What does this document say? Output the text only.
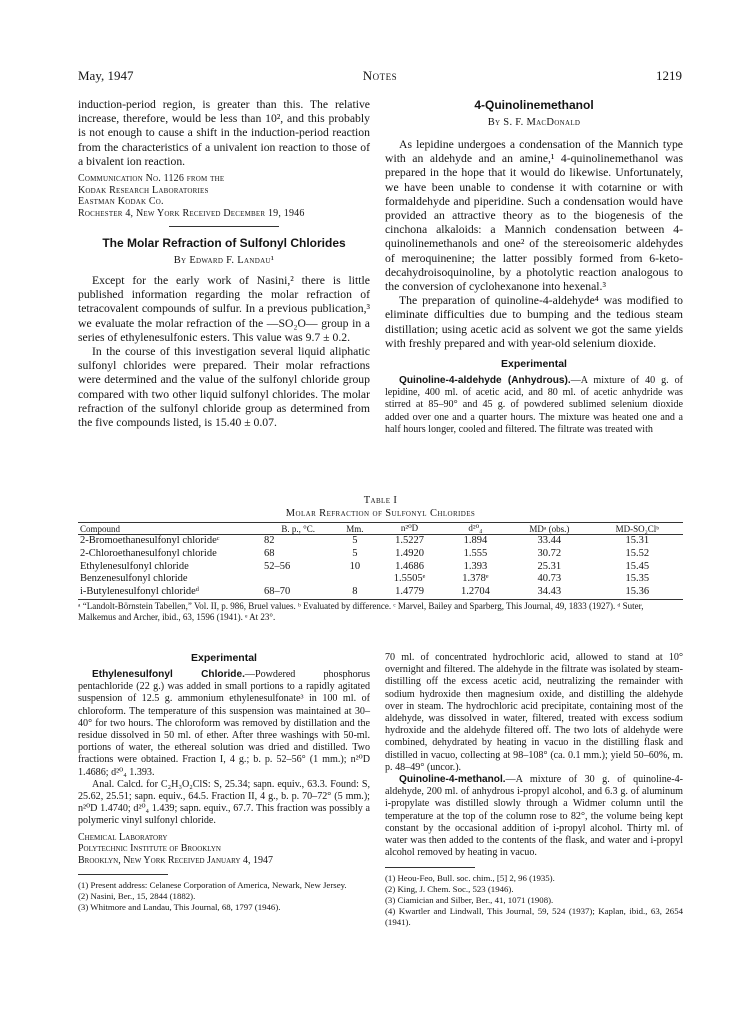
May, 1947	Notes	1219

induction-period region, is greater than this. The relative increase, therefore, would be less than 10², and this probably is not enough to cause a shift in the induction-period reaction from the characteristics of a univalent ion reaction to those of a bivalent ion reaction.

Communication No. 1126 from the
Kodak Research Laboratories
Eastman Kodak Co.
Rochester 4, New York Received December 19, 1946

The Molar Refraction of Sulfonyl Chlorides

By Edward F. Landau¹

Except for the early work of Nasini,² there is little published information regarding the molar refraction of tetracovalent compounds of sulfur. In a previous publication,³ we evaluate the molar refraction of the —SO₂O— group in a series of ethylenesulfonic esters. This value was 9.7 ± 0.2.

In the course of this investigation several liquid aliphatic sulfonyl chlorides were prepared. Their molar refractions were determined and the value of the sulfonyl chloride group compared with two other liquid sulfonyl chlorides. The molar refraction of the sulfonyl chloride group as determined from the five compounds listed, is 15.40 ± 0.07.

4-Quinolinemethanol

By S. F. MacDonald

As lepidine undergoes a condensation of the Mannich type with an aldehyde and an amine,¹ 4-quinolinemethanol was prepared in the hope that it would do likewise. Unfortunately, we have been unable to condense it with cotarnine or with formaldehyde and piperidine. Such a condensation would have provided an attractive theory as to the biogenesis of the cinchona alkaloids: a Mannich condensation between 4-quinolinemethanols and one² of the stereoisomeric aldehydes of meroquinenine; the latter possibly formed from 6-keto-decahydroisoquinoline, by a photolytic reaction analogous to the conversion of cyclohexanone into hexenal.³

The preparation of quinoline-4-aldehyde⁴ was modified to eliminate difficulties due to bumping and the tedious steam distillation; using acetic acid as solvent we got the same yields with freshly prepared and with year-old selenium dioxide.

Experimental

Quinoline-4-aldehyde (Anhydrous).—A mixture of 40 g. of lepidine, 400 ml. of acetic acid, and 80 ml. of acetic anhydride was stirred at 85–90° and 45 g. of powdered sublimed selenium dioxide added over one and a quarter hours. The mixture was heated one and a half hours longer, cooled and filtered. The filtrate was treated with

Table I
Molar Refraction of Sulfonyl Chlorides
Compound	B. p., °C.	Mm.	n²⁰D	d²⁰₄	MDᵃ (obs.)	MD-SO₂Clᵇ
2-Bromoethanesulfonyl chlorideᶜ	82	5	1.5227	1.894	33.44	15.31
2-Chloroethanesulfonyl chloride	68	5	1.4920	1.555	30.72	15.52
Ethylenesulfonyl chloride	52–56	10	1.4686	1.393	25.31	15.45
Benzenesulfonyl chloride			1.5505ᵉ	1.378ᵉ	40.73	15.35
i-Butylenesulfonyl chlorideᵈ	68–70	8	1.4779	1.2704	34.43	15.36

ᵃ “Landolt-Börnstein Tabellen,” Vol. II, p. 986, Bruel values. ᵇ Evaluated by difference. ᶜ Marvel, Bailey and Sparberg, This Journal, 49, 1833 (1927). ᵈ Suter, Malkemus and Archer, ibid., 63, 1596 (1941). ᵉ At 23°.

Experimental

Ethylenesulfonyl Chloride.—Powdered phosphorus pentachloride (22 g.) was added in small portions to a rapidly agitated suspension of 12.5 g. ammonium ethylenesulfonate³ in 100 ml. of chloroform. The temperature of this suspension was maintained at 30–40° for two hours. The chloroform was removed by distillation and the residue dissolved in 50 ml. of ether. After three washings with 50-ml. portions of water, the ethereal solution was dried and distilled. Two fractions were obtained. Fraction I, 4 g.; b. p. 52–56° (1 mm.); n²⁰D 1.4686; d²⁰₄ 1.393.

Anal. Calcd. for C₂H₃O₂ClS: S, 25.34; sapn. equiv., 63.3. Found: S, 25.62, 25.51; sapn. equiv., 64.5. Fraction II, 4 g., b. p. 70–72° (5 mm.); n²⁰D 1.4740; d²⁰₄ 1.439; sapn. equiv., 67.7. This fraction was possibly a polymeric vinyl sulfonyl chloride.

Chemical Laboratory
Polytechnic Institute of Brooklyn
Brooklyn, New York Received January 4, 1947

(1) Present address: Celanese Corporation of America, Newark, New Jersey.

(2) Nasini, Ber., 15, 2844 (1882).

(3) Whitmore and Landau, This Journal, 68, 1797 (1946).

70 ml. of concentrated hydrochloric acid, allowed to stand at 10° overnight and filtered. The aldehyde in the filtrate was isolated by steam-distilling off the excess acetic acid, neutralizing the remainder with sodium hydroxide then magnesium oxide, and distilling the aldehyde over in steam. The hydrochloric acid precipitate, containing most of the aldehyde, was dissolved in water, filtered, treated with excess sodium hydroxide and the aldehyde filtered off. The two lots of aldehyde were combined, dehydrated by heating in vacuo in the distilling flask and distilled in vacuo, collecting at 98–108° (ca. 0.1 mm.); yield 50–60%, m. p. 48–49° (uncor.).

Quinoline-4-methanol.—A mixture of 30 g. of quinoline-4-aldehyde, 200 ml. of anhydrous i-propyl alcohol, and 6.3 g. of aluminum i-propylate was distilled slowly through a Widmer column until the temperature at the top of the column rose to 82°, the volume being kept constant by the occasional addition of i-propyl alcohol. Thirty ml. of water was then added to the contents of the flask, and water and i-propyl alcohol removed by heating in vacuo.

(1) Heou-Feo, Bull. soc. chim., [5] 2, 96 (1935).

(2) King, J. Chem. Soc., 523 (1946).

(3) Ciamician and Silber, Ber., 41, 1071 (1908).

(4) Kwartler and Lindwall, This Journal, 59, 524 (1937); Kaplan, ibid., 63, 2654 (1941).
